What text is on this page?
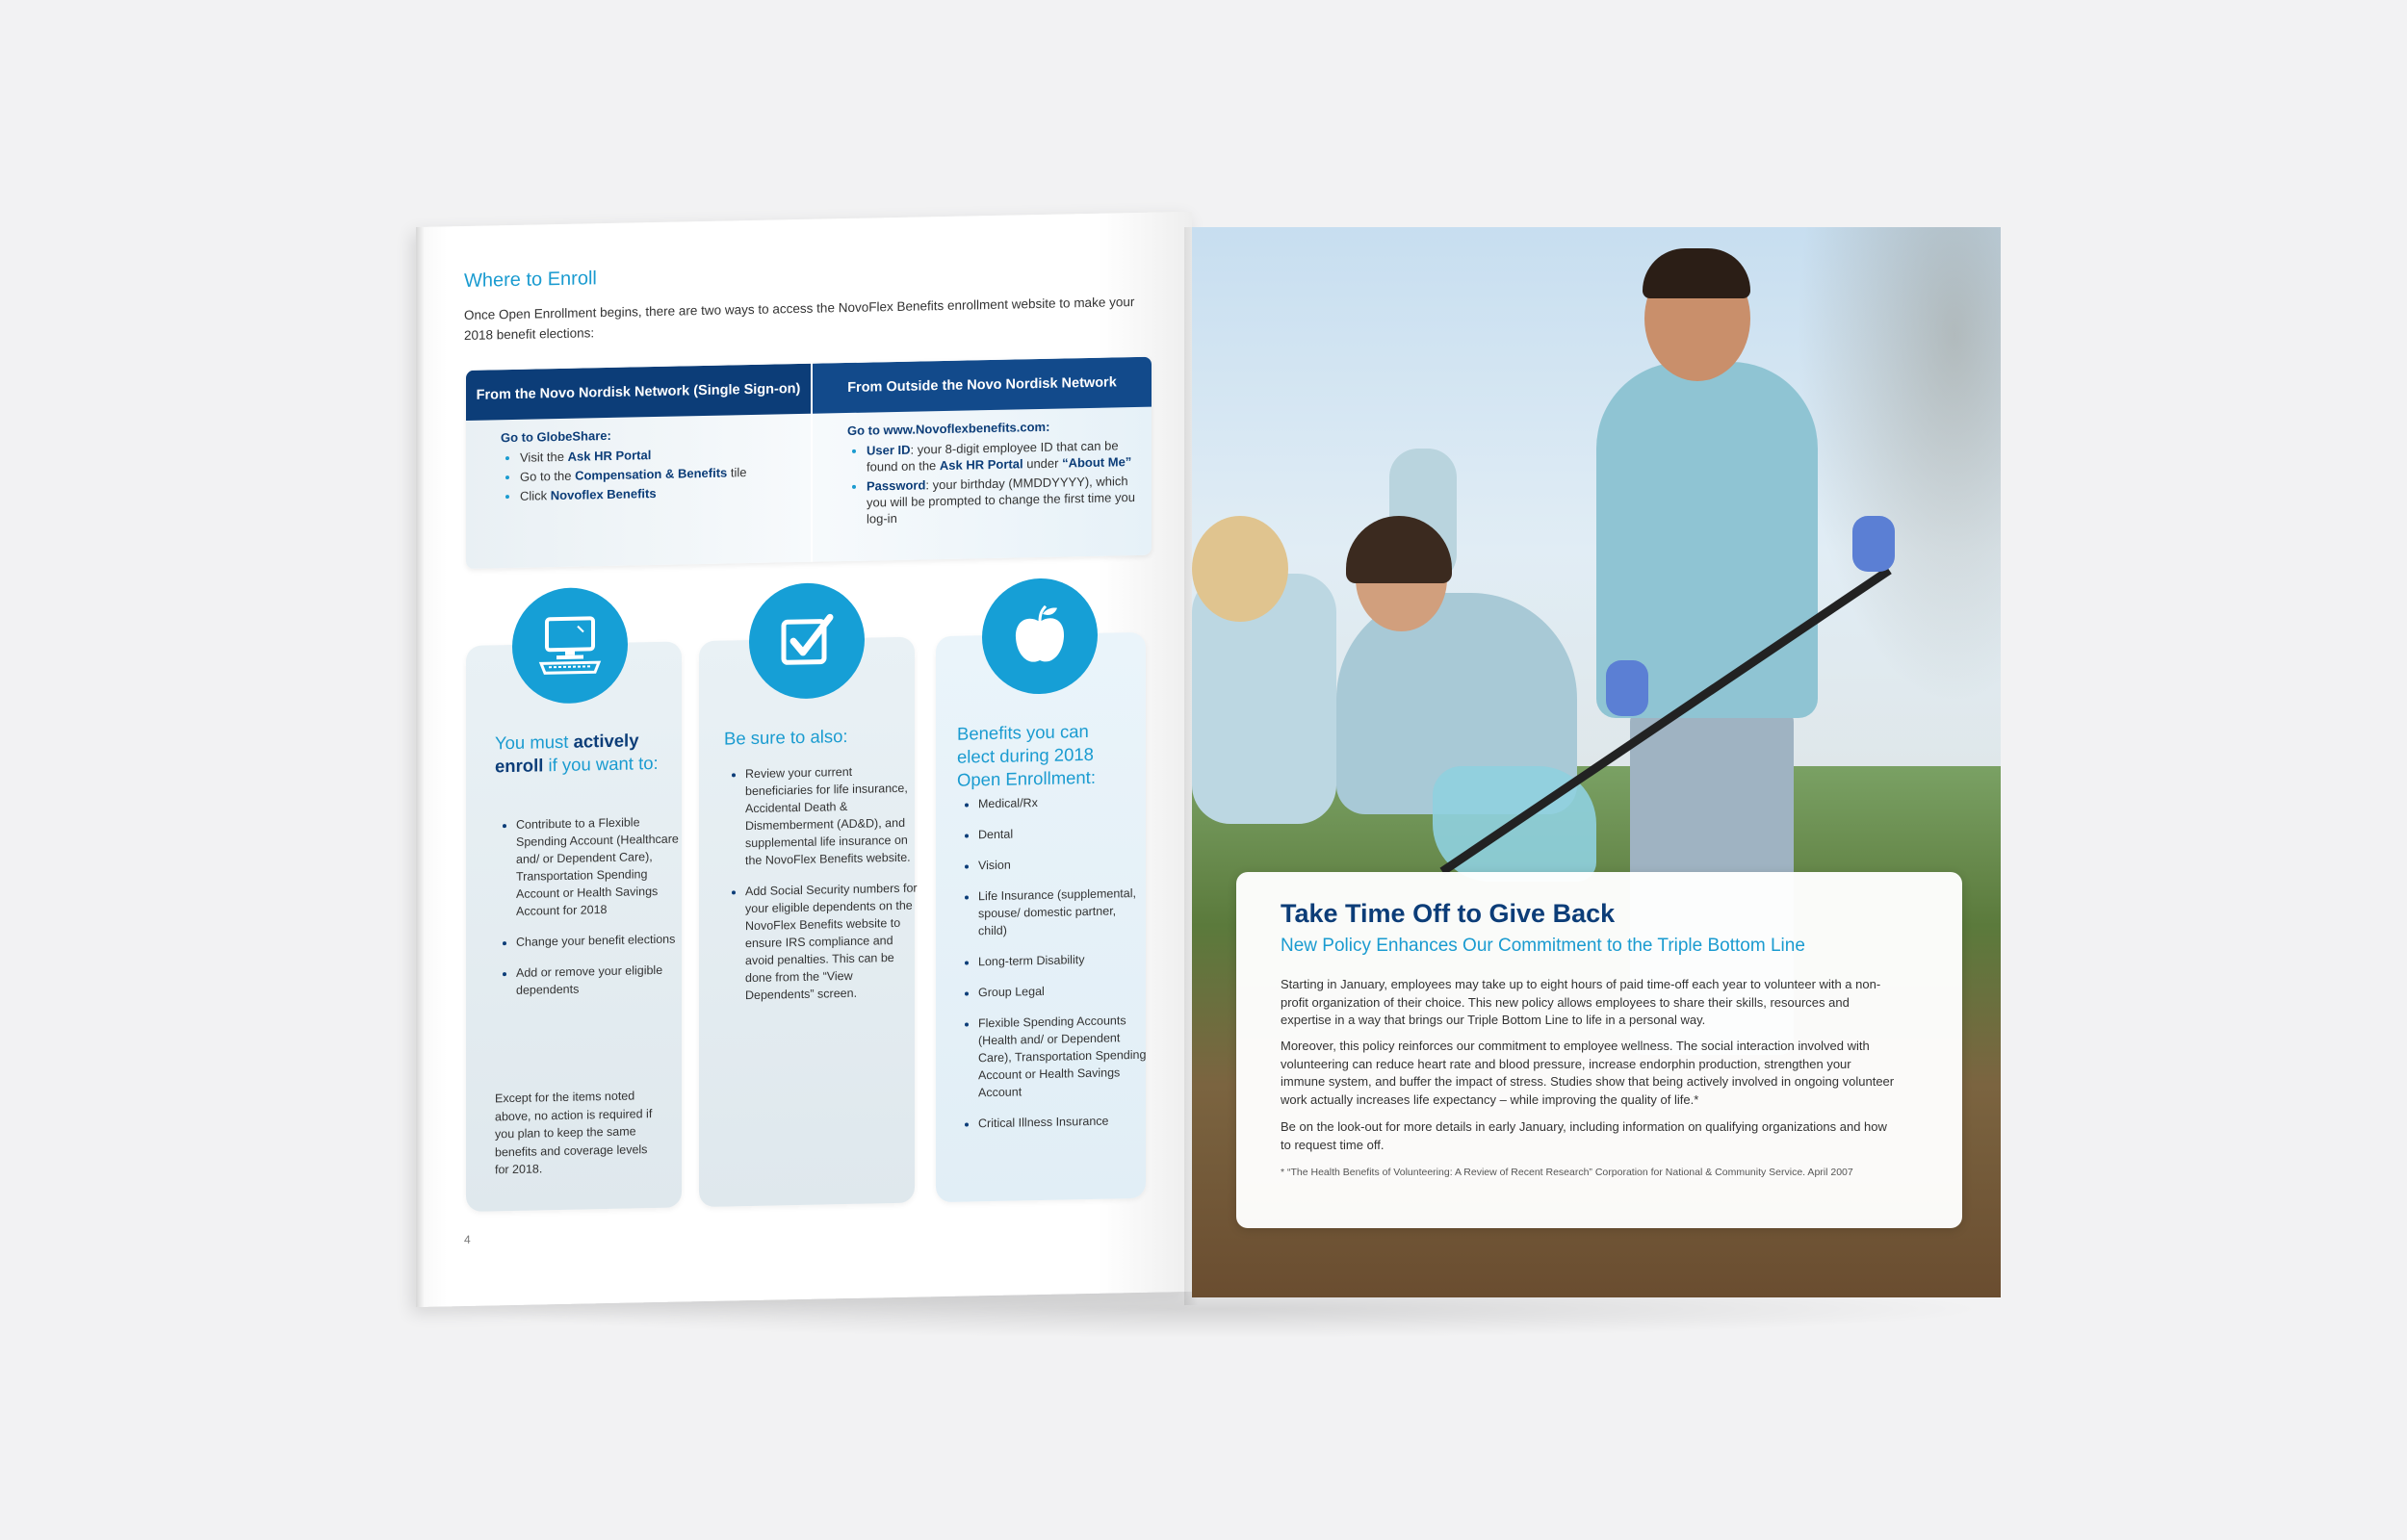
Where to Enroll
Once Open Enrollment begins, there are two ways to access the NovoFlex Benefits enrollment website to make your 2018 benefit elections:
From the Novo Nordisk Network (Single Sign-on)	From Outside the Novo Nordisk Network
Go to GlobeShare:
• Visit the Ask HR Portal
• Go to the Compensation & Benefits tile
• Click Novoflex Benefits
Go to www.Novoflexbenefits.com:
• User ID: your 8-digit employee ID that can be found on the Ask HR Portal under “About Me”
• Password: your birthday (MMDDYYYY), which you will be prompted to change the first time you log-in
You must actively enroll if you want to:
• Contribute to a Flexible Spending Account (Healthcare and/ or Dependent Care), Transportation Spending Account or Health Savings Account for 2018
• Change your benefit elections
• Add or remove your eligible dependents
Except for the items noted above, no action is required if you plan to keep the same benefits and coverage levels for 2018.
Be sure to also:
• Review your current beneficiaries for life insurance, Accidental Death & Dismemberment (AD&D), and supplemental life insurance on the NovoFlex Benefits website.
• Add Social Security numbers for your eligible dependents on the NovoFlex Benefits website to ensure IRS compliance and avoid penalties. This can be done from the “View Dependents” screen.
Benefits you can elect during 2018 Open Enrollment:
• Medical/Rx
• Dental
• Vision
• Life Insurance (supplemental, spouse/ domestic partner, child)
• Long-term Disability
• Group Legal
• Flexible Spending Accounts (Health and/ or Dependent Care), Transportation Spending Account or Health Savings Account
• Critical Illness Insurance
4
Take Time Off to Give Back
New Policy Enhances Our Commitment to the Triple Bottom Line

Starting in January, employees may take up to eight hours of paid time-off each year to volunteer with a non-profit organization of their choice. This new policy allows employees to share their skills, resources and expertise in a way that brings our Triple Bottom Line to life in a personal way.

Moreover, this policy reinforces our commitment to employee wellness. The social interaction involved with volunteering can reduce heart rate and blood pressure, increase endorphin production, strengthen your immune system, and buffer the impact of stress. Studies show that being actively involved in ongoing volunteer work actually increases life expectancy – while improving the quality of life.*

Be on the look-out for more details in early January, including information on qualifying organizations and how to request time off.

* “The Health Benefits of Volunteering: A Review of Recent Research” Corporation for National & Community Service. April 2007
